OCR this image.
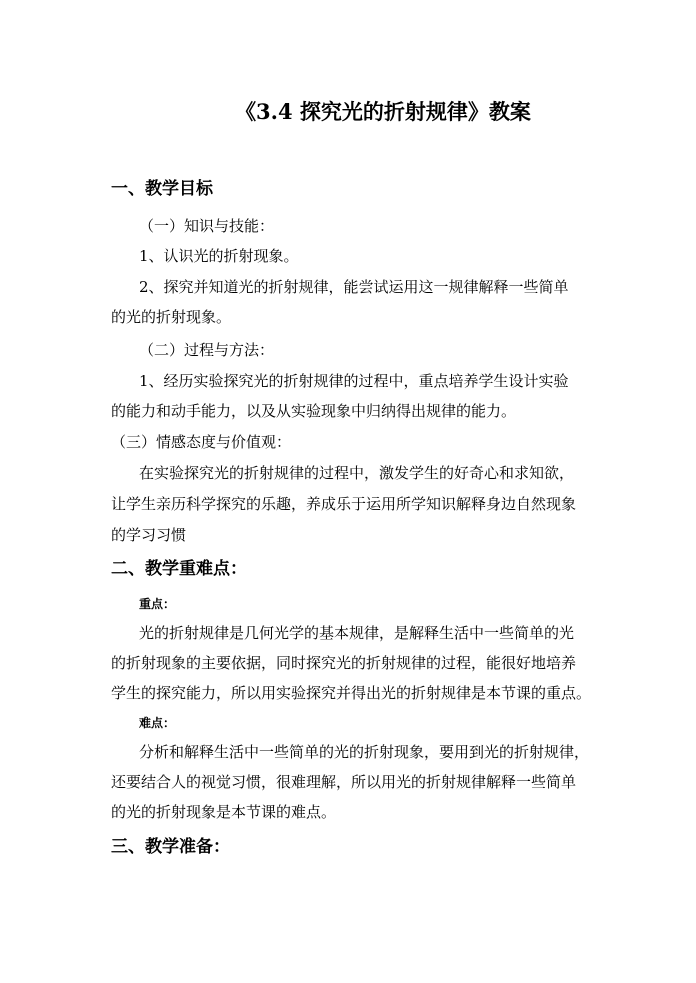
《3.4 探究光的折射规律》教案
一、教学目标
（一）知识与技能：
1、认识光的折射现象。
2、探究并知道光的折射规律，能尝试运用这一规律解释一些简单
的光的折射现象。
（二）过程与方法：
1、经历实验探究光的折射规律的过程中，重点培养学生设计实验
的能力和动手能力，以及从实验现象中归纳得出规律的能力。
（三）情感态度与价值观：
在实验探究光的折射规律的过程中，激发学生的好奇心和求知欲，
让学生亲历科学探究的乐趣，养成乐于运用所学知识解释身边自然现象
的学习习惯
二、教学重难点：
重点：
光的折射规律是几何光学的基本规律，是解释生活中一些简单的光
的折射现象的主要依据，同时探究光的折射规律的过程，能很好地培养
学生的探究能力，所以用实验探究并得出光的折射规律是本节课的重点。
难点：
分析和解释生活中一些简单的光的折射现象，要用到光的折射规律，
还要结合人的视觉习惯，很难理解，所以用光的折射规律解释一些简单
的光的折射现象是本节课的难点。
三、教学准备：
